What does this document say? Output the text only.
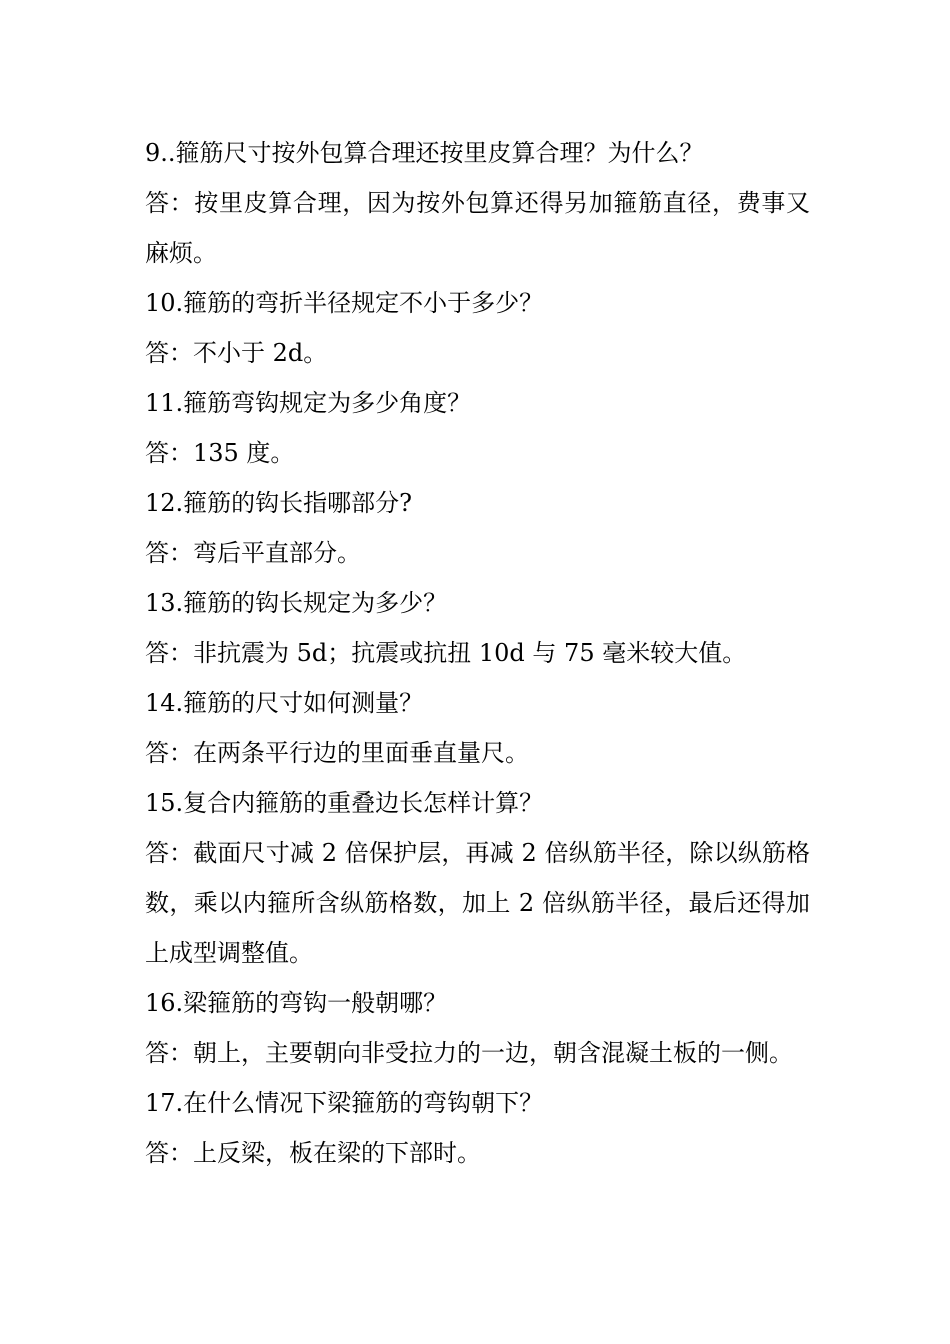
9..箍筋尺寸按外包算合理还按里皮算合理？为什么？

答：按里皮算合理，因为按外包算还得另加箍筋直径，费事又麻烦。

10.箍筋的弯折半径规定不小于多少？

答：不小于 2d。

11.箍筋弯钩规定为多少角度？

答：135 度。

12.箍筋的钩长指哪部分?

答：弯后平直部分。

13.箍筋的钩长规定为多少？

答：非抗震为 5d；抗震或抗扭 10d 与 75 毫米较大值。

14.箍筋的尺寸如何测量？

答：在两条平行边的里面垂直量尺。

15.复合内箍筋的重叠边长怎样计算？

答：截面尺寸减 2 倍保护层，再减 2 倍纵筋半径，除以纵筋格数，乘以内箍所含纵筋格数，加上 2 倍纵筋半径，最后还得加上成型调整值。

16.梁箍筋的弯钩一般朝哪？

答：朝上，主要朝向非受拉力的一边，朝含混凝土板的一侧。

17.在什么情况下梁箍筋的弯钩朝下？

答：上反梁，板在梁的下部时。
